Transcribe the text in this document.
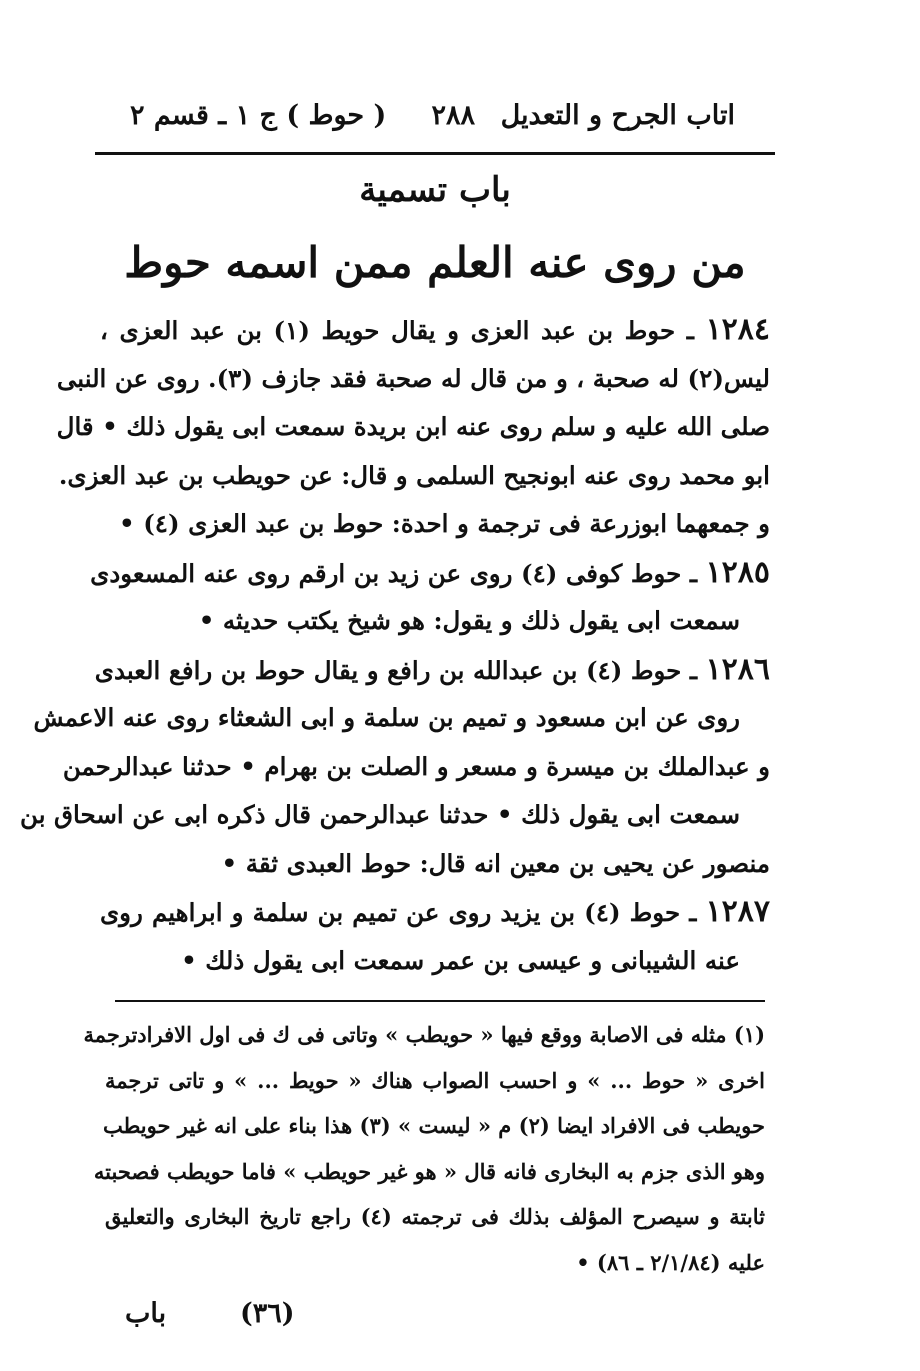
اتاب الجرح و التعديل
٢٨٨
( حوط ) ج ١ ـ قسم ٢
باب تسمية
من روى عنه العلم ممن اسمه حوط
١٢٨٤ ـ حوط بن عبد العزى و يقال حويط (١) بن عبد العزى ،
ليس(٢) له صحبة ، و من قال له صحبة فقد جازف (٣). روى عن النبى
صلى الله عليه و سلم روى عنه ابن بريدة سمعت ابى يقول ذلك • قال
ابو محمد روى عنه ابونجيح السلمى و قال: عن حويطب بن عبد العزى.
و جمعهما ابوزرعة فى ترجمة و احدة: حوط بن عبد العزى (٤) •
١٢٨٥ ـ حوط كوفى (٤) روى عن زيد بن ارقم روى عنه المسعودى
سمعت ابى يقول ذلك و يقول: هو شيخ يكتب حديثه •
١٢٨٦ ـ حوط (٤) بن عبدالله بن رافع و يقال حوط بن رافع العبدى
روى عن ابن مسعود و تميم بن سلمة و ابى الشعثاء روى عنه الاعمش
و عبدالملك بن ميسرة و مسعر و الصلت بن بهرام • حدثنا عبدالرحمن
سمعت ابى يقول ذلك • حدثنا عبدالرحمن قال ذكره ابى عن اسحاق بن
منصور عن يحيى بن معين انه قال: حوط العبدى ثقة •
١٢٨٧ ـ حوط (٤) بن يزيد روى عن تميم بن سلمة و ابراهيم روى
عنه الشيبانى و عيسى بن عمر سمعت ابى يقول ذلك •
(١) مثله فى الاصابة ووقع فيها « حويطب » وتاتى فى ك فى اول الافرادترجمة
اخرى « حوط ... » و احسب الصواب هناك « حويط ... » و تاتى ترجمة
حويطب فى الافراد ايضا (٢) م « ليست » (٣) هذا بناء على انه غير حويطب
وهو الذى جزم به البخارى فانه قال « هو غير حويطب » فاما حويطب فصحبته
ثابتة و سيصرح المؤلف بذلك فى ترجمته (٤) راجع تاريخ البخارى والتعليق
عليه (٢/١/٨٤ ـ ٨٦) •
(٣٦)
باب
